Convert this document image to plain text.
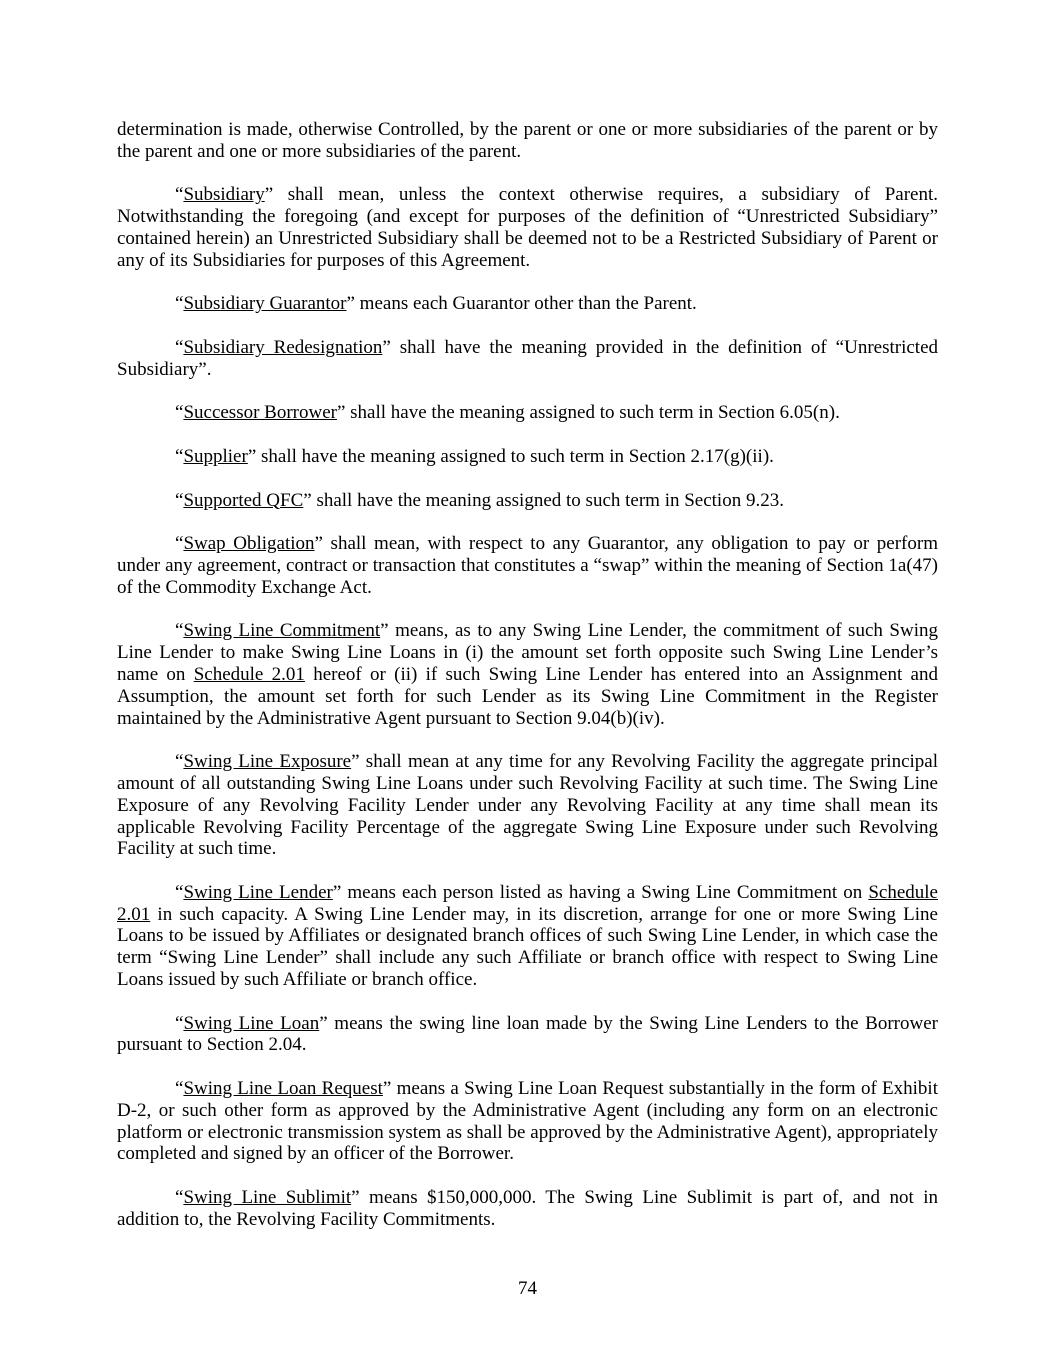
determination is made, otherwise Controlled, by the parent or one or more subsidiaries of the parent or by the parent and one or more subsidiaries of the parent.

“Subsidiary” shall mean, unless the context otherwise requires, a subsidiary of Parent. Notwithstanding the foregoing (and except for purposes of the definition of “Unrestricted Subsidiary” contained herein) an Unrestricted Subsidiary shall be deemed not to be a Restricted Subsidiary of Parent or any of its Subsidiaries for purposes of this Agreement.

“Subsidiary Guarantor” means each Guarantor other than the Parent.

“Subsidiary Redesignation” shall have the meaning provided in the definition of “Unrestricted Subsidiary”.

“Successor Borrower” shall have the meaning assigned to such term in Section 6.05(n).

“Supplier” shall have the meaning assigned to such term in Section 2.17(g)(ii).

“Supported QFC” shall have the meaning assigned to such term in Section 9.23.

“Swap Obligation” shall mean, with respect to any Guarantor, any obligation to pay or perform under any agreement, contract or transaction that constitutes a “swap” within the meaning of Section 1a(47) of the Commodity Exchange Act.

“Swing Line Commitment” means, as to any Swing Line Lender, the commitment of such Swing Line Lender to make Swing Line Loans in (i) the amount set forth opposite such Swing Line Lender’s name on Schedule 2.01 hereof or (ii) if such Swing Line Lender has entered into an Assignment and Assumption, the amount set forth for such Lender as its Swing Line Commitment in the Register maintained by the Administrative Agent pursuant to Section 9.04(b)(iv).

“Swing Line Exposure” shall mean at any time for any Revolving Facility the aggregate principal amount of all outstanding Swing Line Loans under such Revolving Facility at such time. The Swing Line Exposure of any Revolving Facility Lender under any Revolving Facility at any time shall mean its applicable Revolving Facility Percentage of the aggregate Swing Line Exposure under such Revolving Facility at such time.

“Swing Line Lender” means each person listed as having a Swing Line Commitment on Schedule 2.01 in such capacity. A Swing Line Lender may, in its discretion, arrange for one or more Swing Line Loans to be issued by Affiliates or designated branch offices of such Swing Line Lender, in which case the term “Swing Line Lender” shall include any such Affiliate or branch office with respect to Swing Line Loans issued by such Affiliate or branch office.

“Swing Line Loan” means the swing line loan made by the Swing Line Lenders to the Borrower pursuant to Section 2.04.

“Swing Line Loan Request” means a Swing Line Loan Request substantially in the form of Exhibit D-2, or such other form as approved by the Administrative Agent (including any form on an electronic platform or electronic transmission system as shall be approved by the Administrative Agent), appropriately completed and signed by an officer of the Borrower.

“Swing Line Sublimit” means $150,000,000. The Swing Line Sublimit is part of, and not in addition to, the Revolving Facility Commitments.

74
